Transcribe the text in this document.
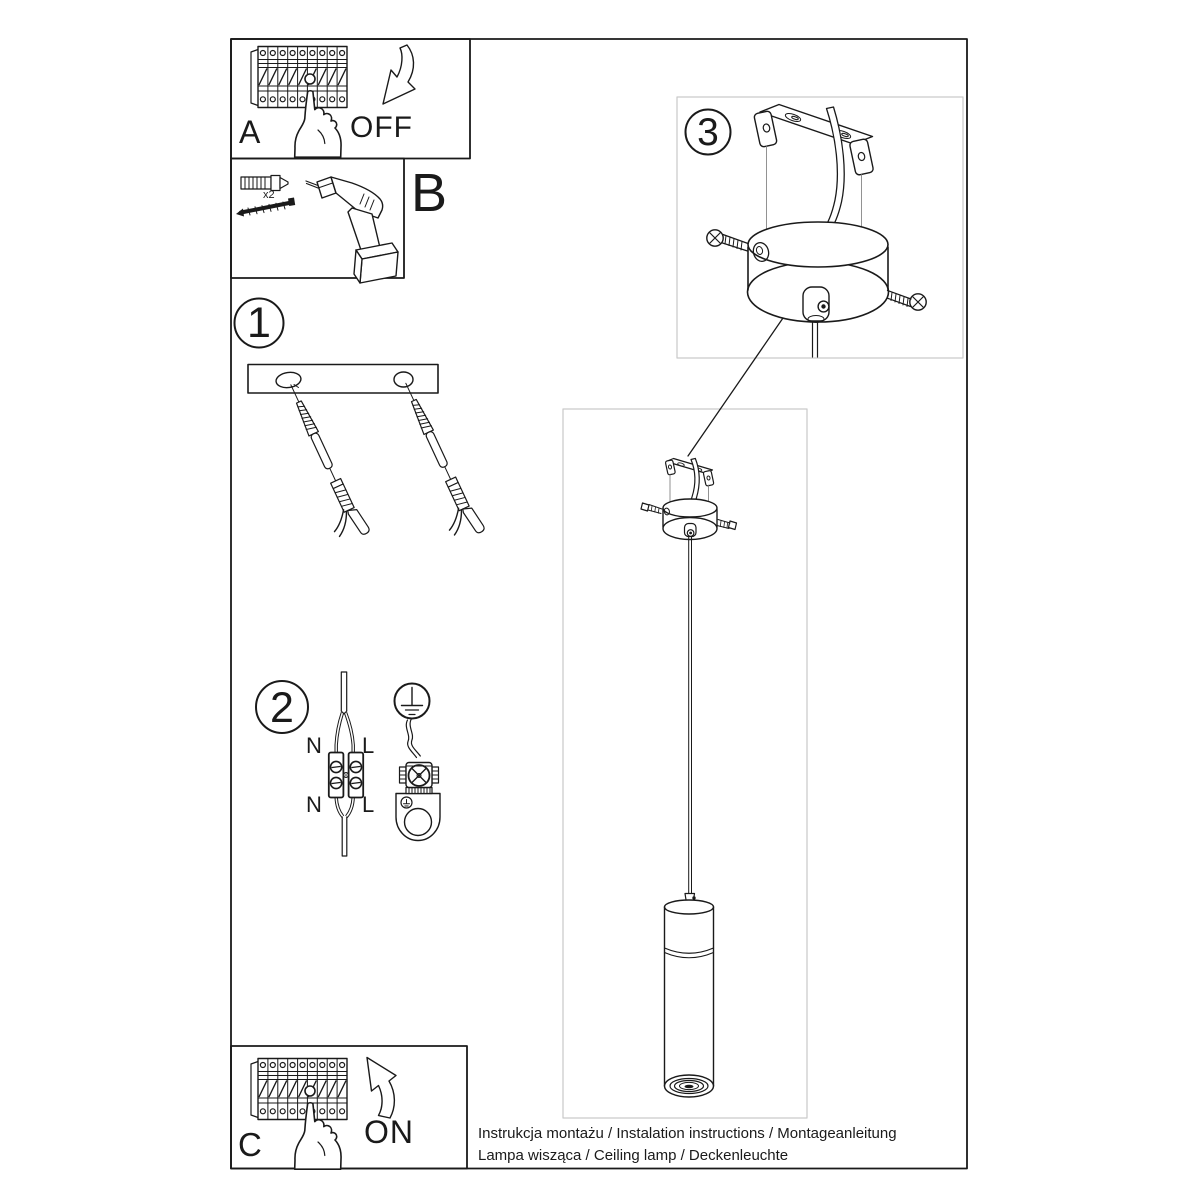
A	OFF
B
x2
1
2
3
N L
N L
C	ON	Instrukcja montażu / Instalation instructions / Montageanleitung
Lampa wisząca / Ceiling lamp / Deckenleuchte
